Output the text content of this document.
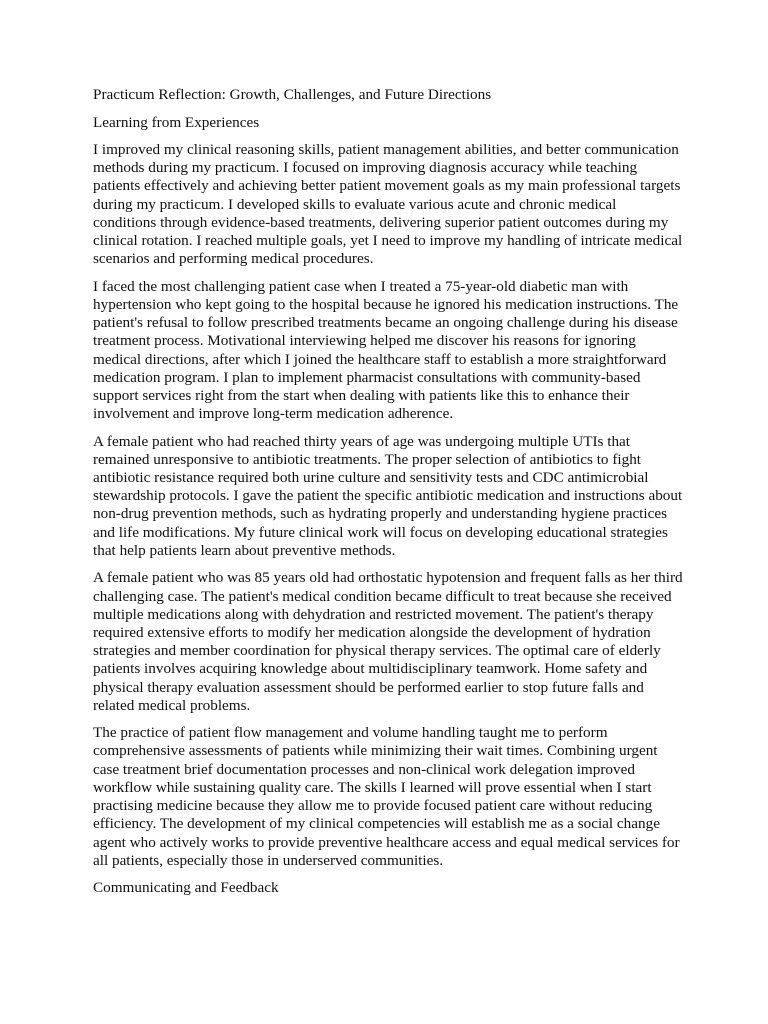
Practicum Reflection: Growth, Challenges, and Future Directions

Learning from Experiences

I improved my clinical reasoning skills, patient management abilities, and better communication methods during my practicum. I focused on improving diagnosis accuracy while teaching patients effectively and achieving better patient movement goals as my main professional targets during my practicum. I developed skills to evaluate various acute and chronic medical conditions through evidence-based treatments, delivering superior patient outcomes during my clinical rotation. I reached multiple goals, yet I need to improve my handling of intricate medical scenarios and performing medical procedures.

I faced the most challenging patient case when I treated a 75-year-old diabetic man with hypertension who kept going to the hospital because he ignored his medication instructions. The patient's refusal to follow prescribed treatments became an ongoing challenge during his disease treatment process. Motivational interviewing helped me discover his reasons for ignoring medical directions, after which I joined the healthcare staff to establish a more straightforward medication program. I plan to implement pharmacist consultations with community-based support services right from the start when dealing with patients like this to enhance their involvement and improve long-term medication adherence.

A female patient who had reached thirty years of age was undergoing multiple UTIs that remained unresponsive to antibiotic treatments. The proper selection of antibiotics to fight antibiotic resistance required both urine culture and sensitivity tests and CDC antimicrobial stewardship protocols. I gave the patient the specific antibiotic medication and instructions about non-drug prevention methods, such as hydrating properly and understanding hygiene practices and life modifications. My future clinical work will focus on developing educational strategies that help patients learn about preventive methods.

A female patient who was 85 years old had orthostatic hypotension and frequent falls as her third challenging case. The patient's medical condition became difficult to treat because she received multiple medications along with dehydration and restricted movement. The patient's therapy required extensive efforts to modify her medication alongside the development of hydration strategies and member coordination for physical therapy services. The optimal care of elderly patients involves acquiring knowledge about multidisciplinary teamwork. Home safety and physical therapy evaluation assessment should be performed earlier to stop future falls and related medical problems.

The practice of patient flow management and volume handling taught me to perform comprehensive assessments of patients while minimizing their wait times. Combining urgent case treatment brief documentation processes and non-clinical work delegation improved workflow while sustaining quality care. The skills I learned will prove essential when I start practising medicine because they allow me to provide focused patient care without reducing efficiency. The development of my clinical competencies will establish me as a social change agent who actively works to provide preventive healthcare access and equal medical services for all patients, especially those in underserved communities.

Communicating and Feedback
